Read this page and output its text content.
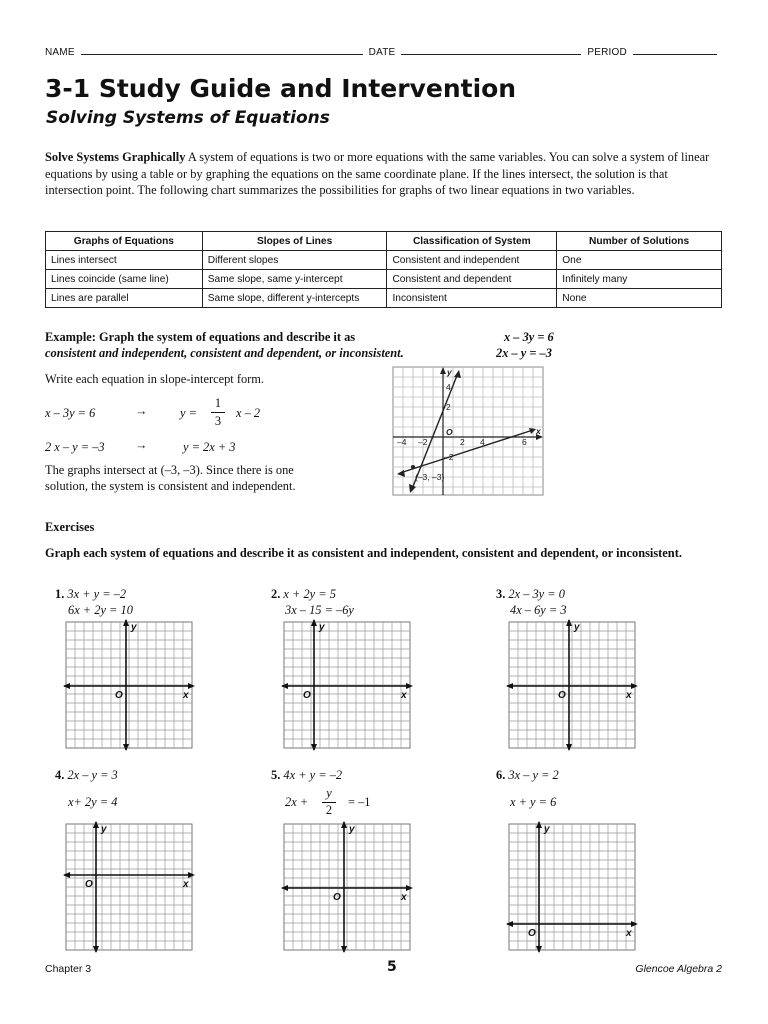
NAME	DATE	PERIOD
3-1 Study Guide and Intervention
Solving Systems of Equations
Solve Systems Graphically A system of equations is two or more equations with the same variables. You can solve a system of linear equations by using a table or by graphing the equations on the same coordinate plane. If the lines intersect, the solution is that intersection point. The following chart summarizes the possibilities for graphs of two linear equations in two variables.
Graphs of Equations	Slopes of Lines	Classification of System	Number of Solutions
Lines intersect	Different slopes	Consistent and independent	One
Lines coincide (same line)	Same slope, same y-intercept	Consistent and dependent	Infinitely many
Lines are parallel	Same slope, different y-intercepts	Inconsistent	None
Example: Graph the system of equations and describe it as
consistent and independent, consistent and dependent, or inconsistent.
x – 3y = 6
2x – y = –3
Write each equation in slope-intercept form.
x – 3y = 6	→	y =
1
3
x – 2
2 x – y = –3 →	y = 2x + 3
The graphs intersect at (–3, –3). Since there is one solution, the system is consistent and independent.
y
x
O
–4 –2	2 4	6
4
2
–2
(–3, –3)
Exercises
Graph each system of equations and describe it as consistent and independent, consistent and dependent, or inconsistent.
1. 3x + y = –2
6x + 2y = 10
2. x + 2y = 5
3x – 15 = –6y
3. 2x – 3y = 0
4x – 6y = 3
4. 2x – y = 3
x+ 2y = 4
5. 4x + y = –2
2x +
y
2
= –1
6. 3x – y = 2
x + y = 6
y
x
O
y
x
O
y
x
O
y
x
O
y
x
O
y
x
O
Chapter 3	5	Glencoe Algebra 2
